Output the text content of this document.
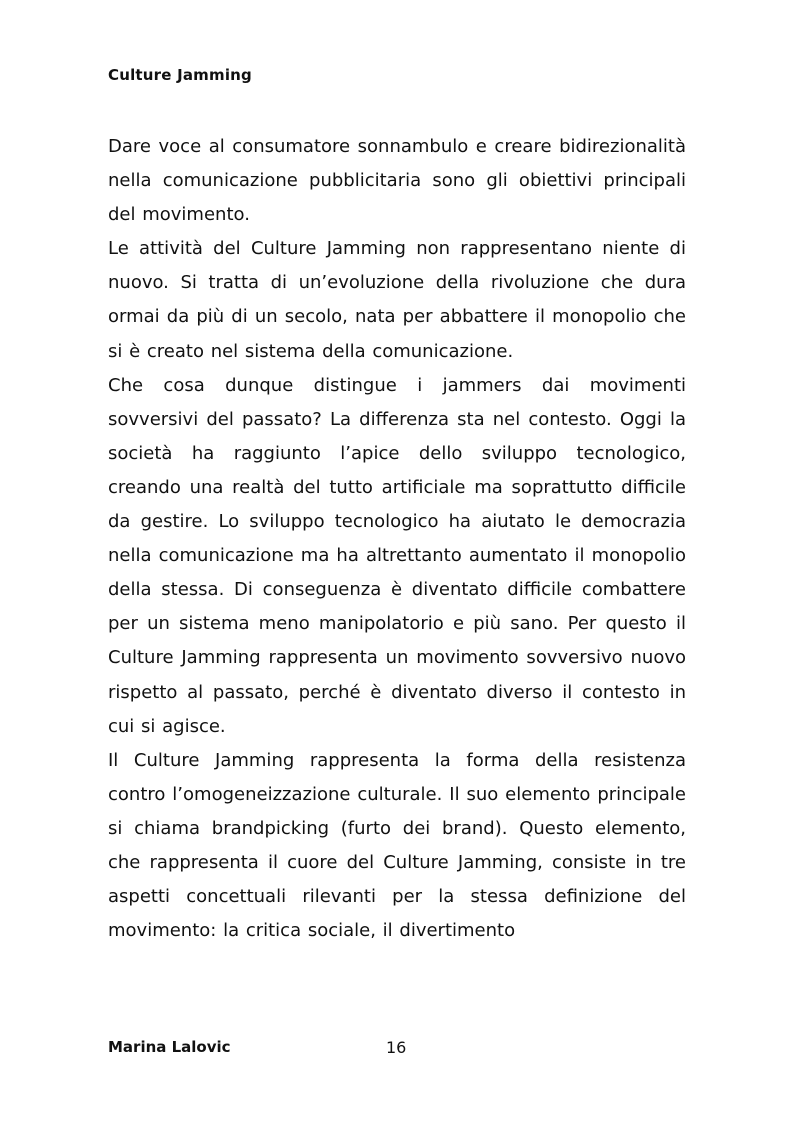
Culture Jamming

Dare voce al consumatore sonnambulo e creare bidirezionalità nella comunicazione pubblicitaria sono gli obiettivi principali del movimento.

Le attività del Culture Jamming non rappresentano niente di nuovo. Si tratta di un’evoluzione della rivoluzione che dura ormai da più di un secolo, nata per abbattere il monopolio che si è creato nel sistema della comunicazione.

Che cosa dunque distingue i jammers dai movimenti sovversivi del passato? La differenza sta nel contesto. Oggi la società ha raggiunto l’apice dello sviluppo tecnologico, creando una realtà del tutto artificiale ma soprattutto difficile da gestire. Lo sviluppo tecnologico ha aiutato le democrazia nella comunicazione ma ha altrettanto aumentato il monopolio della stessa. Di conseguenza è diventato difficile combattere per un sistema meno manipolatorio e più sano. Per questo il Culture Jamming rappresenta un movimento sovversivo nuovo rispetto al passato, perché è diventato diverso il contesto in cui si agisce.

Il Culture Jamming rappresenta la forma della resistenza contro l’omogeneizzazione culturale. Il suo elemento principale si chiama brandpicking (furto dei brand). Questo elemento, che rappresenta il cuore del Culture Jamming, consiste in tre aspetti concettuali rilevanti per la stessa definizione del movimento: la critica sociale, il divertimento

Marina Lalovic	16
